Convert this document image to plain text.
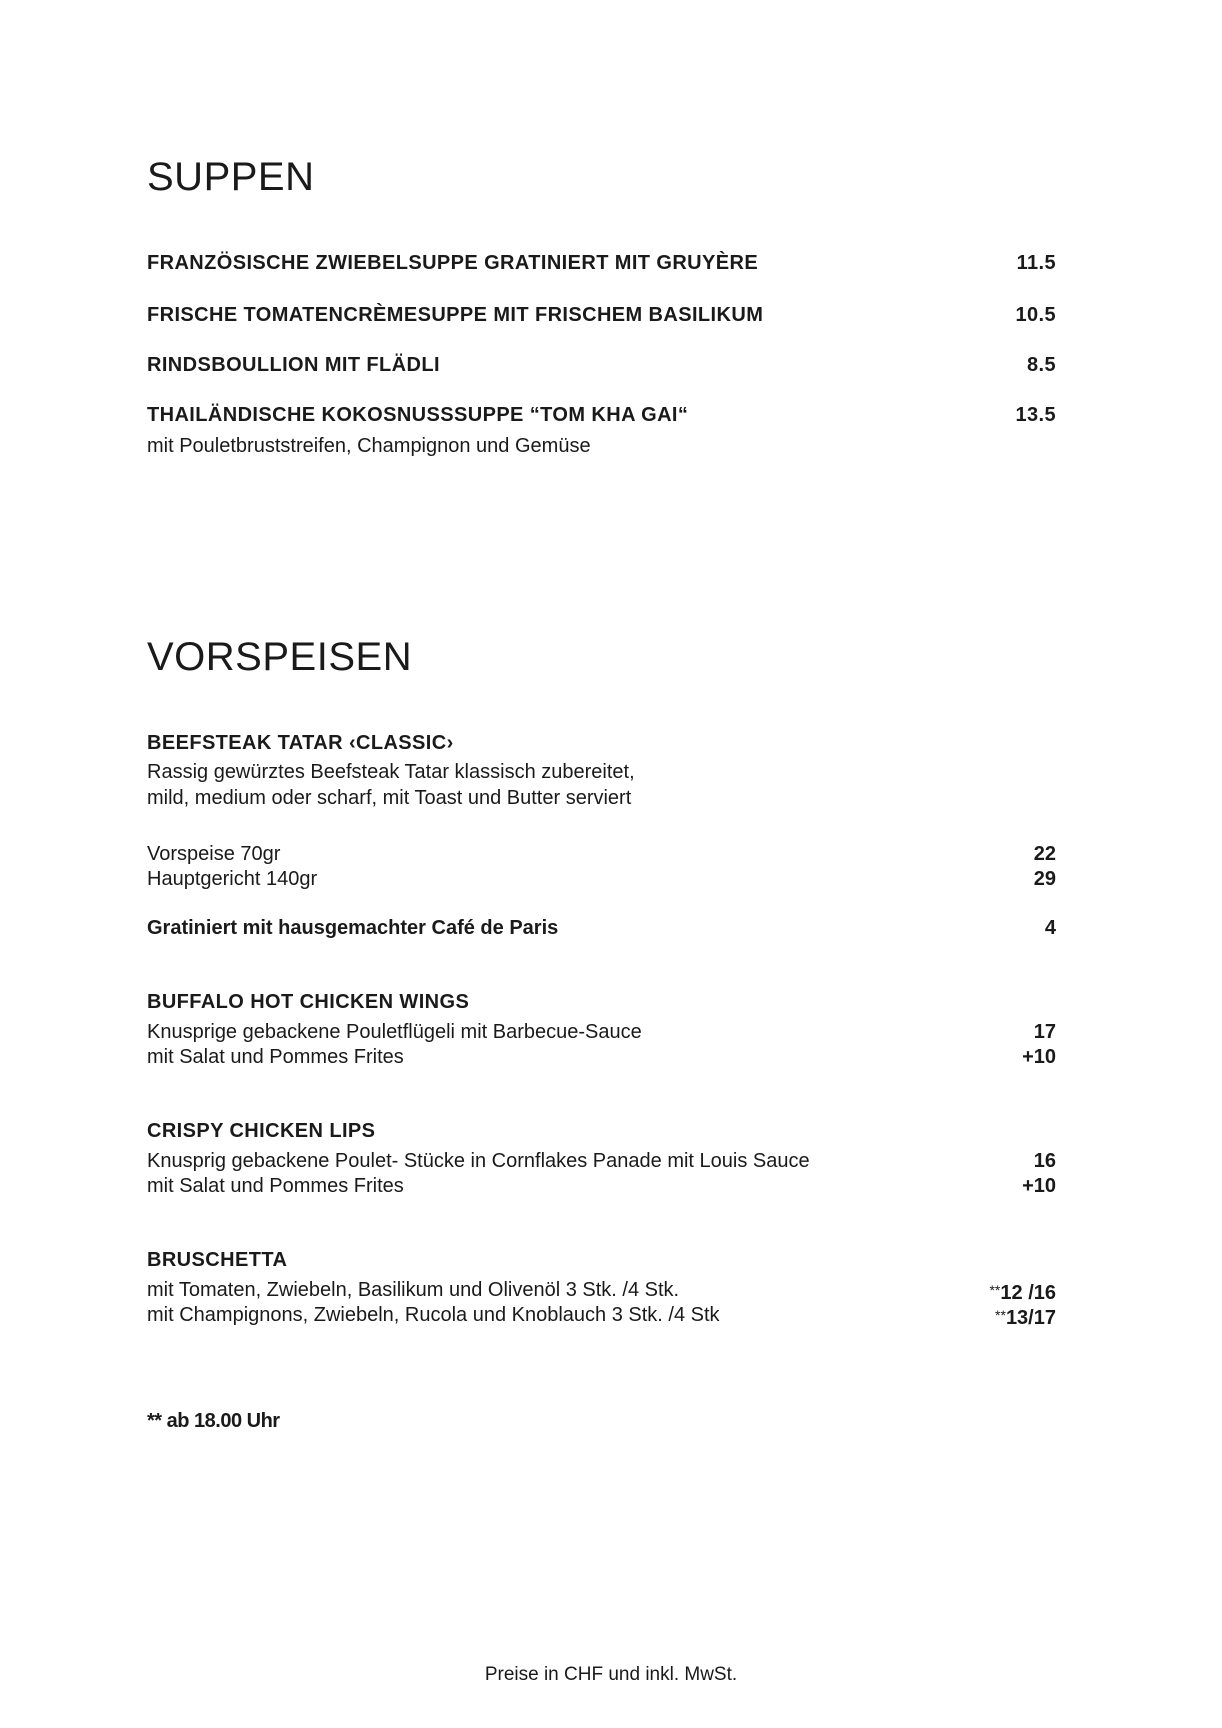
SUPPEN
FRANZÖSISCHE ZWIEBELSUPPE GRATINIERT MIT GRUYÈRE	11.5
FRISCHE TOMATENCRÈMESUPPE MIT FRISCHEM BASILIKUM	10.5
RINDSBOULLION MIT FLÄDLI	8.5
THAILÄNDISCHE KOKOSNUSSSUPPE “TOM KHA GAI“	13.5
mit Pouletbruststreifen, Champignon und Gemüse
VORSPEISEN
BEEFSTEAK TATAR ‹CLASSIC›
Rassig gewürztes Beefsteak Tatar klassisch zubereitet,
mild, medium oder scharf, mit Toast und Butter serviert
Vorspeise 70gr	22
Hauptgericht 140gr	29
Gratiniert mit hausgemachter Café de Paris	4
BUFFALO HOT CHICKEN WINGS
Knusprige gebackene Pouletflügeli mit Barbecue-Sauce	17
mit Salat und Pommes Frites	+10
CRISPY CHICKEN LIPS
Knusprig gebackene Poulet- Stücke in Cornflakes Panade mit Louis Sauce	16
mit Salat und Pommes Frites	+10
BRUSCHETTA
mit Tomaten, Zwiebeln, Basilikum und Olivenöl 3 Stk. /4 Stk.	**12 /16
mit Champignons, Zwiebeln, Rucola und Knoblauch 3 Stk. /4 Stk	**13/17
** ab 18.00 Uhr
Preise in CHF und inkl. MwSt.
